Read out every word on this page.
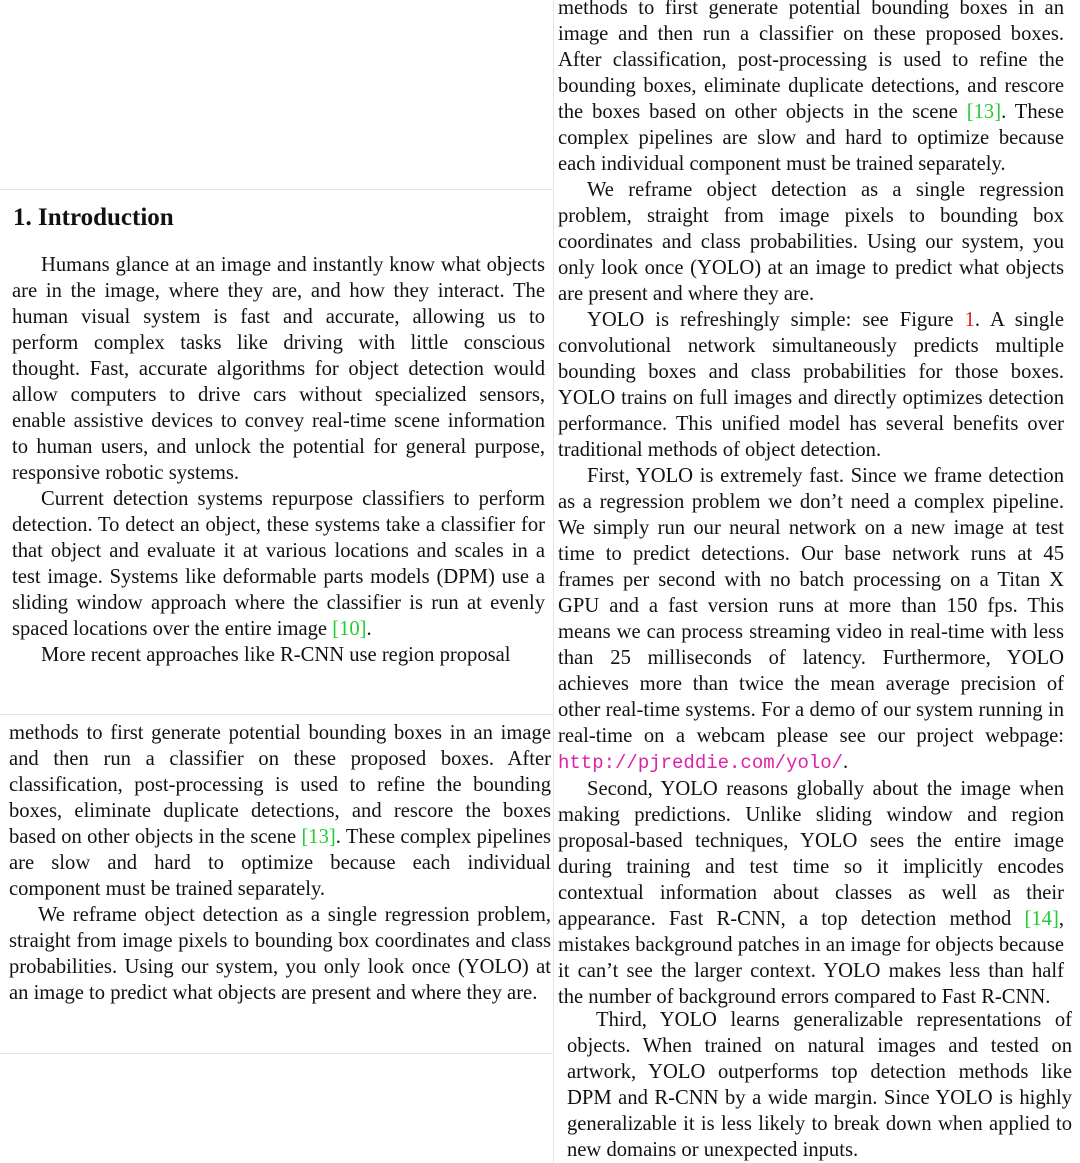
1. Introduction

Humans glance at an image and instantly know what objects are in the image, where they are, and how they interact. The human visual system is fast and accurate, allowing us to perform complex tasks like driving with little conscious thought. Fast, accurate algorithms for object detection would allow computers to drive cars without specialized sensors, enable assistive devices to convey real-time scene information to human users, and unlock the potential for general purpose, responsive robotic systems.

Current detection systems repurpose classifiers to perform detection. To detect an object, these systems take a classifier for that object and evaluate it at various locations and scales in a test image. Systems like deformable parts models (DPM) use a sliding window approach where the classifier is run at evenly spaced locations over the entire image [10].

More recent approaches like R-CNN use region proposal

methods to first generate potential bounding boxes in an image and then run a classifier on these proposed boxes. After classification, post-processing is used to refine the bounding boxes, eliminate duplicate detections, and rescore the boxes based on other objects in the scene [13]. These complex pipelines are slow and hard to optimize because each individual component must be trained separately.

We reframe object detection as a single regression problem, straight from image pixels to bounding box coordinates and class probabilities. Using our system, you only look once (YOLO) at an image to predict what objects are present and where they are.

methods to first generate potential bounding boxes in an image and then run a classifier on these proposed boxes. After classification, post-processing is used to refine the bounding boxes, eliminate duplicate detections, and rescore the boxes based on other objects in the scene [13]. These complex pipelines are slow and hard to optimize because each individual component must be trained separately.

We reframe object detection as a single regression problem, straight from image pixels to bounding box coordinates and class probabilities. Using our system, you only look once (YOLO) at an image to predict what objects are present and where they are.

YOLO is refreshingly simple: see Figure 1. A single convolutional network simultaneously predicts multiple bounding boxes and class probabilities for those boxes. YOLO trains on full images and directly optimizes detection performance. This unified model has several benefits over traditional methods of object detection.

First, YOLO is extremely fast. Since we frame detection as a regression problem we don’t need a complex pipeline. We simply run our neural network on a new image at test time to predict detections. Our base network runs at 45 frames per second with no batch processing on a Titan X GPU and a fast version runs at more than 150 fps. This means we can process streaming video in real-time with less than 25 milliseconds of latency. Furthermore, YOLO achieves more than twice the mean average precision of other real-time systems. For a demo of our system running in real-time on a webcam please see our project webpage: http://pjreddie.com/yolo/.

Second, YOLO reasons globally about the image when making predictions. Unlike sliding window and region proposal-based techniques, YOLO sees the entire image during training and test time so it implicitly encodes contextual information about classes as well as their appearance. Fast R-CNN, a top detection method [14], mistakes background patches in an image for objects because it can’t see the larger context. YOLO makes less than half the number of background errors compared to Fast R-CNN.

Third, YOLO learns generalizable representations of objects. When trained on natural images and tested on artwork, YOLO outperforms top detection methods like DPM and R-CNN by a wide margin. Since YOLO is highly generalizable it is less likely to break down when applied to new domains or unexpected inputs.
